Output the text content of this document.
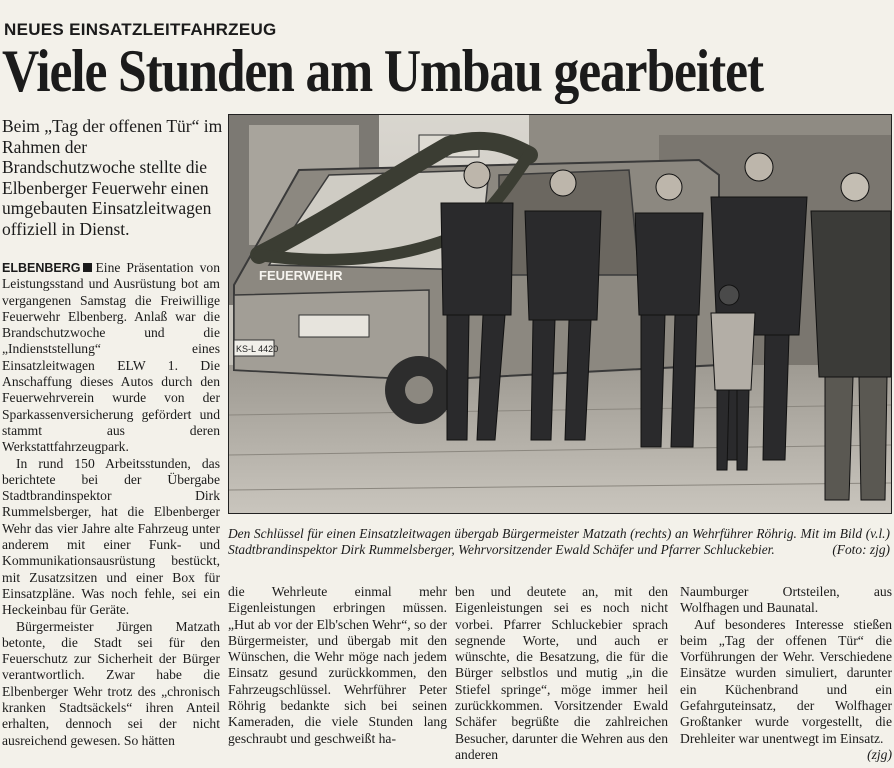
NEUES EINSATZLEITFAHRZEUG
Viele Stunden am Umbau gearbeitet
Beim „Tag der offenen Tür“ im Rahmen der Brandschutzwoche stellte die Elbenberger Feuerwehr einen umgebauten Einsatzleitwagen offiziell in Dienst.
FEUERWEHR
KS-L 4420
Den Schlüssel für einen Einsatzleitwagen übergab Bürgermeister Matzath (rechts) an Wehrführer Röhrig. Mit im Bild (v.l.) Stadtbrandinspektor Dirk Rummelsberger, Wehrvorsitzender Ewald Schäfer und Pfarrer Schluckebier.	(Foto: zjg)

ELBENBERG Eine Präsentation von Leistungsstand und Ausrüstung bot am vergangenen Samstag die Freiwillige Feuerwehr Elbenberg. Anlaß war die Brandschutzwoche und die „Indienststellung“ eines Einsatzleitwagen ELW 1. Die Anschaffung dieses Autos durch den Feuerwehrverein wurde von der Sparkassenversicherung gefördert und stammt aus deren Werkstattfahrzeugpark.

In rund 150 Arbeitsstunden, das berichtete bei der Übergabe Stadtbrandinspektor Dirk Rummelsberger, hat die Elbenberger Wehr das vier Jahre alte Fahrzeug unter anderem mit einer Funk- und Kommunikationsausrüstung bestückt, mit Zusatzsitzen und einer Box für Einsatzpläne. Was noch fehle, sei ein Heckeinbau für Geräte.

Bürgermeister Jürgen Matzath betonte, die Stadt sei für den Feuerschutz zur Sicherheit der Bürger verantwortlich. Zwar habe die Elbenberger Wehr trotz des „chronisch kranken Stadtsäckels“ ihren Anteil erhalten, dennoch sei der nicht ausreichend gewesen. So hätten

die Wehrleute einmal mehr Eigenleistungen erbringen müssen. „Hut ab vor der Elb'schen Wehr“, so der Bürgermeister, und übergab mit den Wünschen, die Wehr möge nach jedem Einsatz gesund zurückkommen, den Fahrzeugschlüssel. Wehrführer Peter Röhrig bedankte sich bei seinen Kameraden, die viele Stunden lang geschraubt und geschweißt ha-

ben und deutete an, mit den Eigenleistungen sei es noch nicht vorbei. Pfarrer Schluckebier sprach segnende Worte, und auch er wünschte, die Besatzung, die für die Bürger selbstlos und mutig „in die Stiefel springe“, möge immer heil zurückkommen. Vorsitzender Ewald Schäfer begrüßte die zahlreichen Besucher, darunter die Wehren aus den anderen

Naumburger Ortsteilen, aus Wolfhagen und Baunatal.

Auf besonderes Interesse stießen beim „Tag der offenen Tür“ die Vorführungen der Wehr. Verschiedene Einsätze wurden simuliert, darunter ein Küchenbrand und ein Gefahrguteinsatz, der Wolfhager Großtanker wurde vorgestellt, die Drehleiter war unentwegt im Einsatz.

(zjg)
